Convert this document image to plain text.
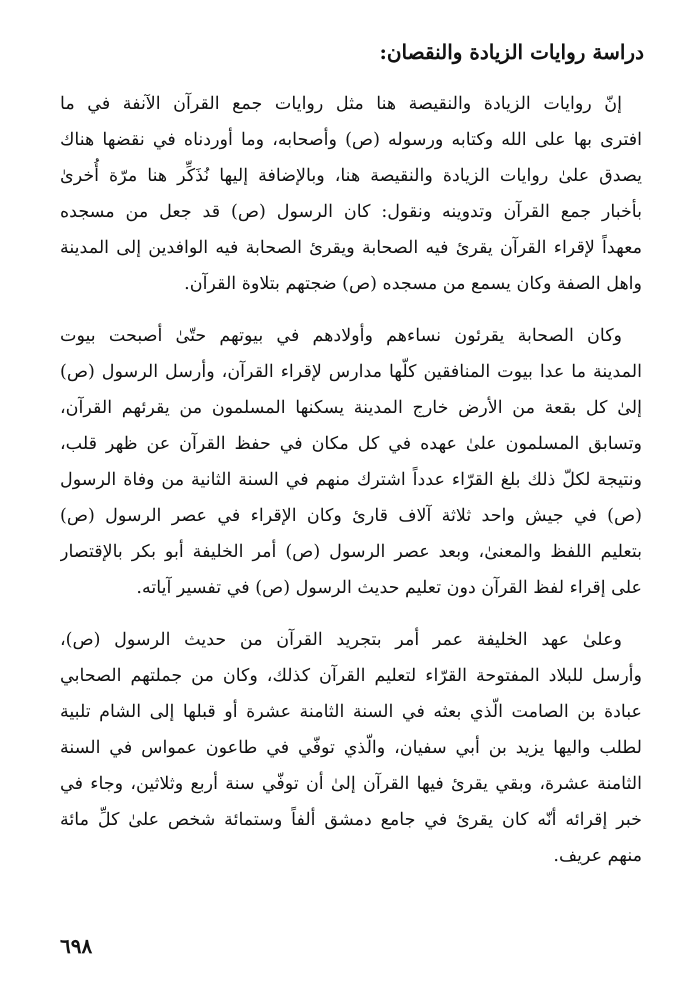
دراسة روايات الزيادة والنقصان:
إنّ روايات الزيادة والنقيصة هنا مثل روايات جمع القرآن الآنفة في ما
افترى بها على الله وكتابه ورسوله (ص) وأصحابه، وما أوردناه في نقضها هناك
يصدق علىٰ روايات الزيادة والنقيصة هنا، وبالإضافة إليها نُذَكِّر هنا مرّة أُخرىٰ
بأخبار جمع القرآن وتدوينه ونقول: كان الرسول (ص) قد جعل من مسجده
معهداً لإقراء القرآن يقرئ فيه الصحابة ويقرئ الصحابة فيه الوافدين إلى المدينة
واهل الصفة وكان يسمع من مسجده (ص) ضجتهم بتلاوة القرآن.
وكان الصحابة يقرئون نساءهم وأولادهم في بيوتهم حتّىٰ أصبحت بيوت
المدينة ما عدا بيوت المنافقين كلّها مدارس لإقراء القرآن، وأرسل الرسول (ص)
إلىٰ كل بقعة من الأرض خارج المدينة يسكنها المسلمون من يقرئهم القرآن،
وتسابق المسلمون علىٰ عهده في كل مكان في حفظ القرآن عن ظهر قلب،
ونتيجة لكلّ ذلك بلغ القرّاء عدداً اشترك منهم في السنة الثانية من وفاة الرسول
(ص) في جيش واحد ثلاثة آلاف قارئ وكان الإقراء في عصر الرسول (ص)
بتعليم اللفظ والمعنىٰ، وبعد عصر الرسول (ص) أمر الخليفة أبو بكر بالإقتصار
على إقراء لفظ القرآن دون تعليم حديث الرسول (ص) في تفسير آياته.
وعلىٰ عهد الخليفة عمر أمر بتجريد القرآن من حديث الرسول (ص)،
وأرسل للبلاد المفتوحة القرّاء لتعليم القرآن كذلك، وكان من جملتهم الصحابي
عبادة بن الصامت الّذي بعثه في السنة الثامنة عشرة أو قبلها إلى الشام تلبية
لطلب واليها يزيد بن أبي سفيان، والّذي توفّي في طاعون عمواس في السنة
الثامنة عشرة، وبقي يقرئ فيها القرآن إلىٰ أن توفّي سنة أربع وثلاثين، وجاء في
خبر إقرائه أنّه كان يقرئ في جامع دمشق ألفاً وستمائة شخص علىٰ كلِّ مائة
منهم عريف.
٦٩٨
